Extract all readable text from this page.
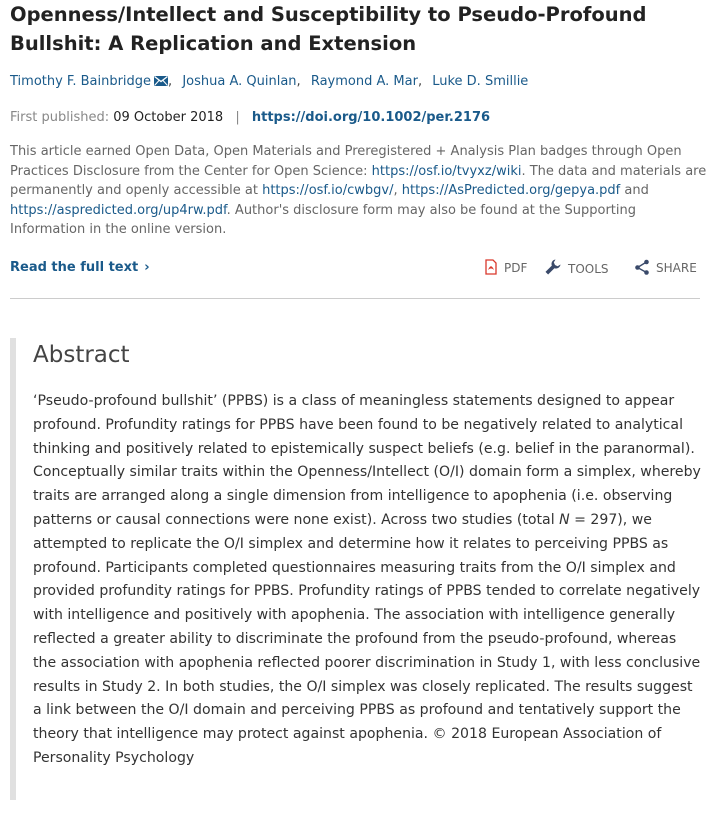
Openness/Intellect and Susceptibility to Pseudo-Profound Bullshit: A Replication and Extension
Timothy F. Bainbridge , Joshua A. Quinlan, Raymond A. Mar, Luke D. Smillie
First published: 09 October 2018 | https://doi.org/10.1002/per.2176

This article earned Open Data, Open Materials and Preregistered + Analysis Plan badges through Open Practices Disclosure from the Center for Open Science: https://osf.io/tvyxz/wiki. The data and materials are permanently and openly accessible at https://osf.io/cwbgv/, https://AsPredicted.org/gepya.pdf and https://aspredicted.org/up4rw.pdf. Author's disclosure form may also be found at the Supporting Information in the online version.

Read the full text ›	PDF	TOOLS	SHARE
Abstract

‘Pseudo-profound bullshit’ (PPBS) is a class of meaningless statements designed to appear profound. Profundity ratings for PPBS have been found to be negatively related to analytical thinking and positively related to epistemically suspect beliefs (e.g. belief in the paranormal). Conceptually similar traits within the Openness/Intellect (O/I) domain form a simplex, whereby traits are arranged along a single dimension from intelligence to apophenia (i.e. observing patterns or causal connections were none exist). Across two studies (total N = 297), we attempted to replicate the O/I simplex and determine how it relates to perceiving PPBS as profound. Participants completed questionnaires measuring traits from the O/I simplex and provided profundity ratings for PPBS. Profundity ratings of PPBS tended to correlate negatively with intelligence and positively with apophenia. The association with intelligence generally reflected a greater ability to discriminate the profound from the pseudo-profound, whereas the association with apophenia reflected poorer discrimination in Study 1, with less conclusive results in Study 2. In both studies, the O/I simplex was closely replicated. The results suggest a link between the O/I domain and perceiving PPBS as profound and tentatively support the theory that intelligence may protect against apophenia. © 2018 European Association of Personality Psychology
